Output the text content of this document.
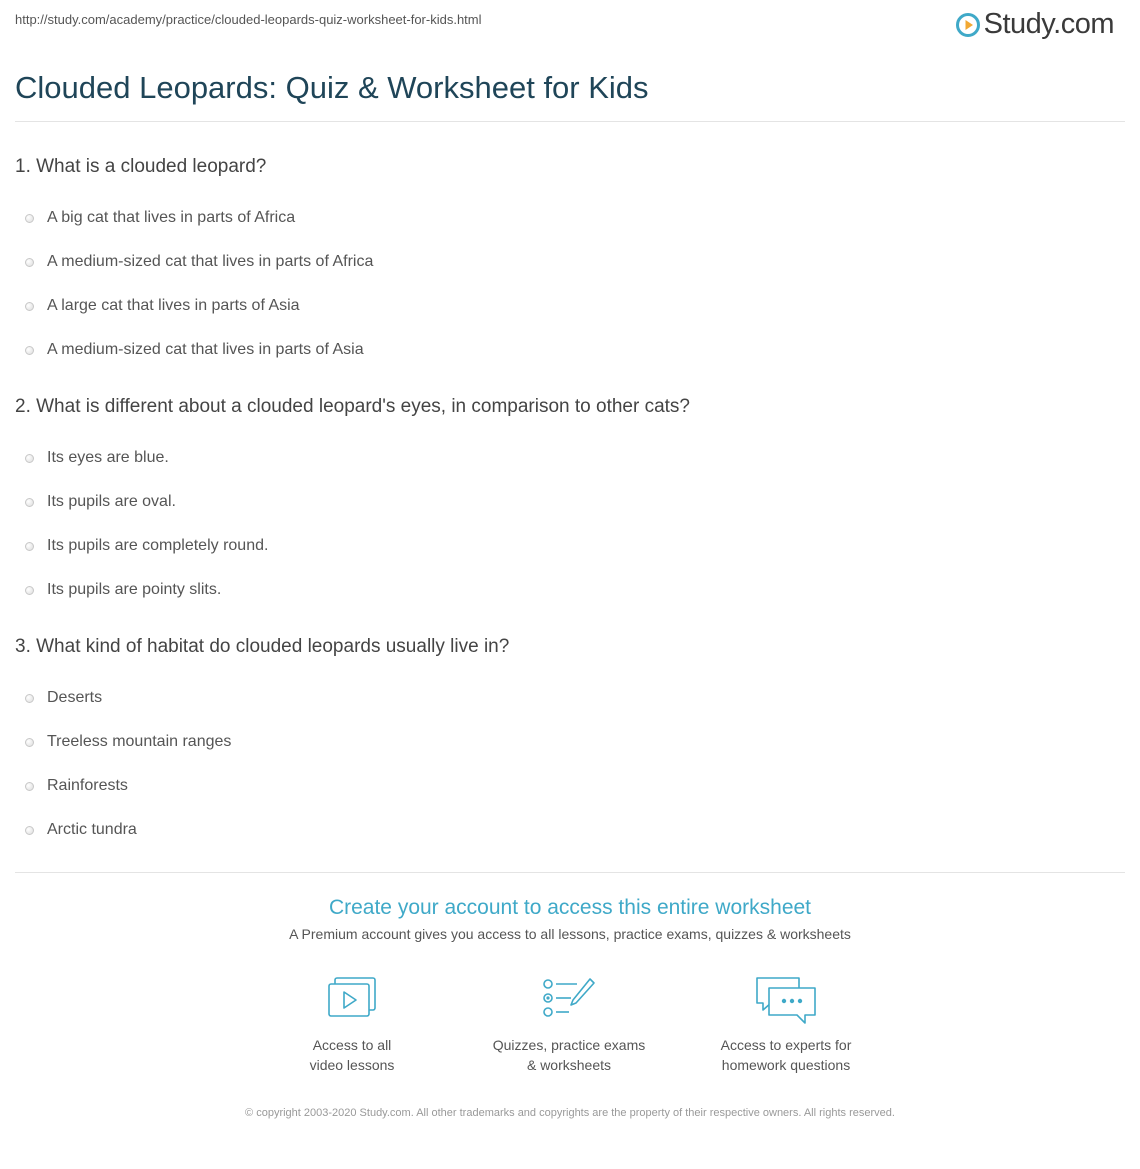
http://study.com/academy/practice/clouded-leopards-quiz-worksheet-for-kids.html	Study.com
Clouded Leopards: Quiz & Worksheet for Kids

1. What is a clouded leopard?

A big cat that lives in parts of Africa
A medium-sized cat that lives in parts of Africa
A large cat that lives in parts of Asia
A medium-sized cat that lives in parts of Asia

2. What is different about a clouded leopard's eyes, in comparison to other cats?

Its eyes are blue.
Its pupils are oval.
Its pupils are completely round.
Its pupils are pointy slits.

3. What kind of habitat do clouded leopards usually live in?

Deserts
Treeless mountain ranges
Rainforests
Arctic tundra

Create your account to access this entire worksheet

A Premium account gives you access to all lessons, practice exams, quizzes & worksheets
Access to all
video lessons
Quizzes, practice exams
& worksheets
Access to experts for
homework questions
© copyright 2003-2020 Study.com. All other trademarks and copyrights are the property of their respective owners. All rights reserved.
